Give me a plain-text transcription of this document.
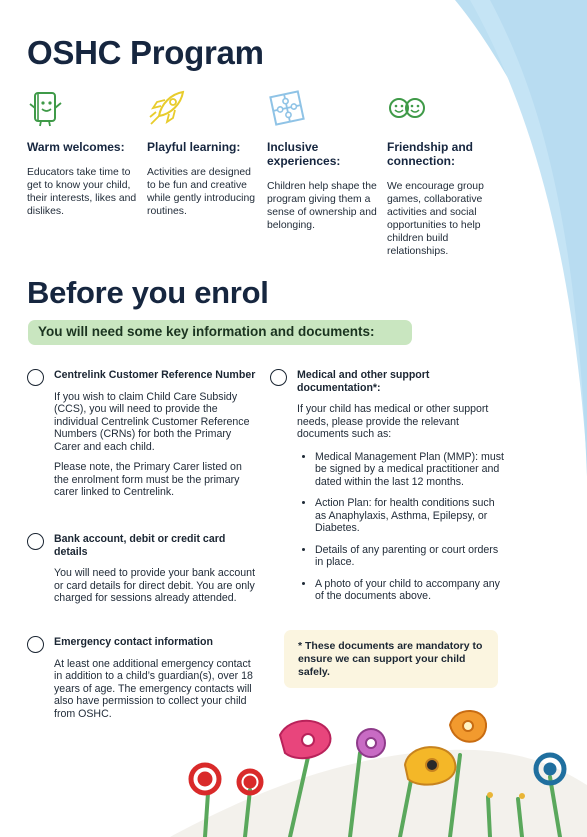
OSHC Program
Warm welcomes:

Educators take time to get to know your child, their interests, likes and dislikes.

Playful learning:

Activities are designed to be fun and creative while gently introducing routines.

Inclusive experiences:

Children help shape the program giving them a sense of ownership and belonging.

Friendship and connection:

We encourage group games, collaborative activities and social opportunities to help children build relationships.

Before you enrol
You will need some key information and documents:
Centrelink Customer Reference Number

If you wish to claim Child Care Subsidy (CCS), you will need to provide the individual Centrelink Customer Reference Numbers (CRNs) for both the Primary Carer and each child.

Please note, the Primary Carer listed on the enrolment form must be the primary carer linked to Centrelink.

Bank account, debit or credit card details

You will need to provide your bank account or card details for direct debit. You are only charged for sessions already attended.

Emergency contact information

At least one additional emergency contact in addition to a child’s guardian(s), over 18 years of age. The emergency contacts will also have permission to collect your child from OSHC.

Medical and other support documentation*:

If your child has medical or other support needs, please provide the relevant documents such as:

• Medical Management Plan (MMP): must be signed by a medical practitioner and dated within the last 12 months.
• Action Plan: for health conditions such as Anaphylaxis, Asthma, Epilepsy, or Diabetes.
• Details of any parenting or court orders in place.
• A photo of your child to accompany any of the documents above.

* These documents are mandatory to ensure we can support your child safely.
